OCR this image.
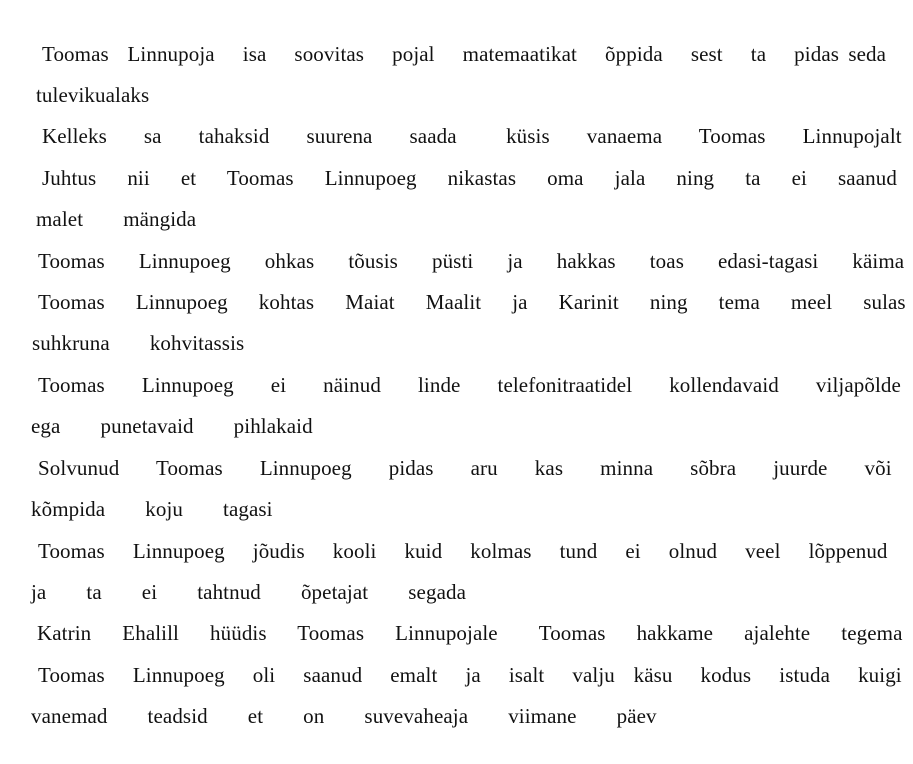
Toomas  Linnupoja   isa   soovitas   pojal   matemaatikat   õppida   sest   ta   pidas seda
tulevikualaks
Kelleks   sa   tahaksid   suurena   saada    küsis   vanaema   Toomas   Linnupojalt
Juhtus   nii   et   Toomas   Linnupoeg   nikastas   oma   jala   ning   ta   ei   saanud
malet   mängida
Toomas   Linnupoeg   ohkas   tõusis   püsti   ja   hakkas   toas   edasi-tagasi   käima
Toomas   Linnupoeg   kohtas   Maiat   Maalit   ja   Karinit   ning   tema   meel   sulas
suhkruna   kohvitassis
Toomas   Linnupoeg   ei   näinud   linde   telefonitraatidel   kollendavaid   viljapõlde
ega   punetavaid   pihlakaid
Solvunud   Toomas   Linnupoeg   pidas   aru   kas   minna   sõbra   juurde   või
kõmpida   koju   tagasi
Toomas   Linnupoeg   jõudis   kooli   kuid   kolmas   tund   ei   olnud   veel   lõppenud
ja   ta   ei   tahtnud   õpetajat   segada
Katrin   Ehalill   hüüdis   Toomas   Linnupojale    Toomas   hakkame   ajalehte   tegema
Toomas   Linnupoeg   oli   saanud   emalt   ja   isalt   valju  käsu   kodus   istuda   kuigi
vanemad   teadsid   et   on   suvevaheaja   viimane   päev
